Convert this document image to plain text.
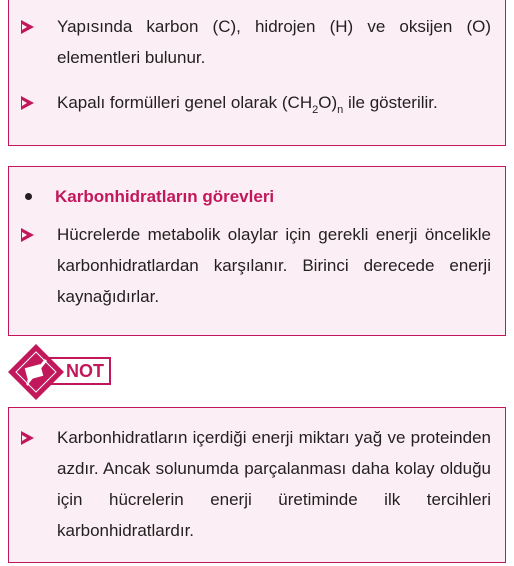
Yapısında karbon (C), hidrojen (H) ve oksijen (O) elementleri bulunur.
Kapalı formülleri genel olarak $(CH_2O)_n$ ile gösterilir.
Karbonhidratların görevleri
Hücrelerde metabolik olaylar için gerekli enerji öncelikle karbonhidratlardan karşılanır. Birinci derecede enerji kaynağıdırlar.
NOT
Karbonhidratların içerdiği enerji miktarı yağ ve proteinden azdır. Ancak solunumda parçalanması daha kolay olduğu için hücrelerin enerji üretiminde ilk tercihleri karbonhidratlardır.
